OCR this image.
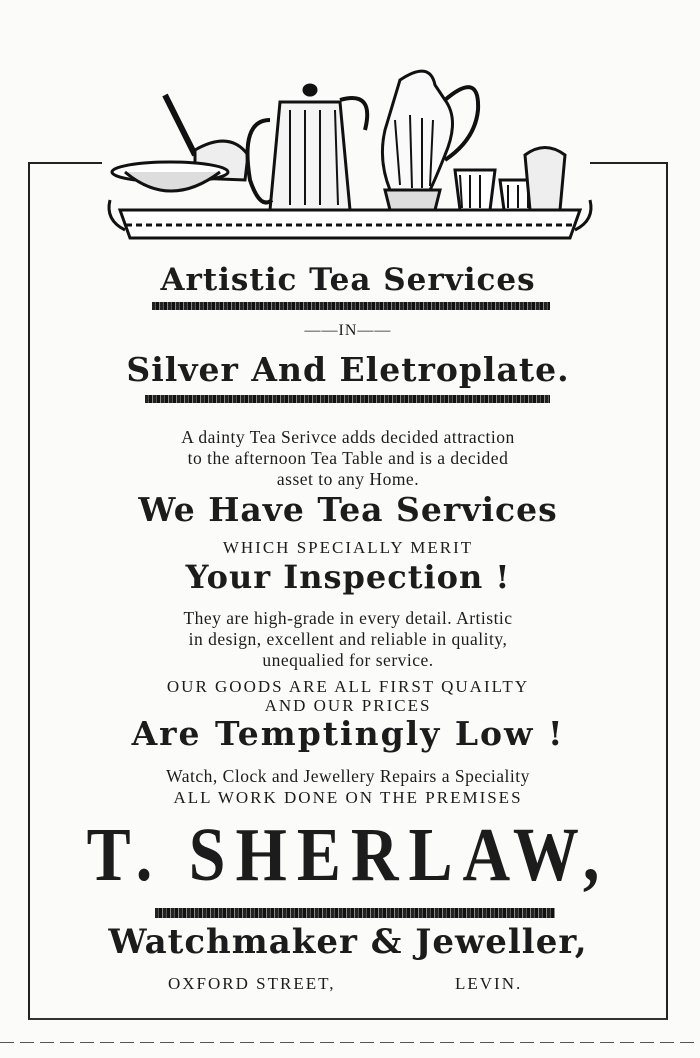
Artistic Tea Services
——IN——
Silver And Eletroplate.
A dainty Tea Serivce adds decided attraction
to the afternoon Tea Table and is a decided
asset to any Home.
We Have Tea Services
WHICH SPECIALLY MERIT
Your Inspection !
They are high-grade in every detail. Artistic
in design, excellent and reliable in quality,
unequalied for service.
OUR GOODS ARE ALL FIRST QUAILTY
AND OUR PRICES
Are Temptingly Low !
Watch, Clock and Jewellery Repairs a Speciality
ALL WORK DONE ON THE PREMISES
T. SHERLAW,
Watchmaker & Jeweller,
OXFORD STREET,	LEVIN.
